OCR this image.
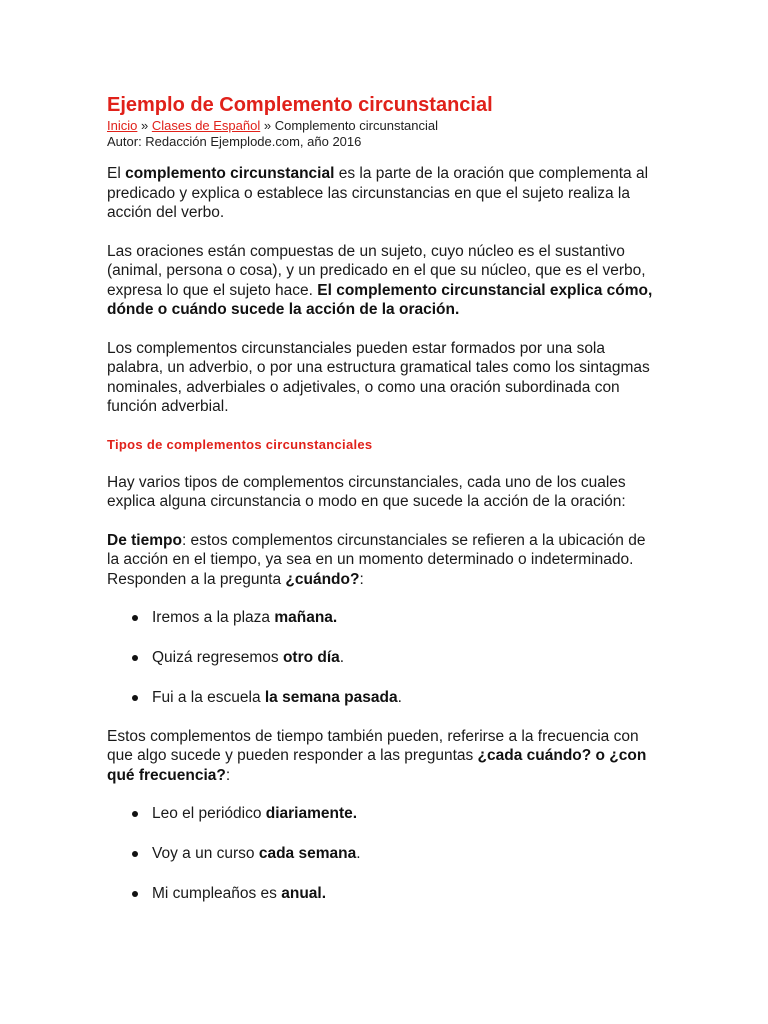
Ejemplo de Complemento circunstancial
Inicio » Clases de Español » Complemento circunstancial
Autor: Redacción Ejemplode.com, año 2016

El complemento circunstancial es la parte de la oración que complementa al predicado y explica o establece las circunstancias en que el sujeto realiza la acción del verbo.

Las oraciones están compuestas de un sujeto, cuyo núcleo es el sustantivo (animal, persona o cosa), y un predicado en el que su núcleo, que es el verbo, expresa lo que el sujeto hace. El complemento circunstancial explica cómo, dónde o cuándo sucede la acción de la oración.

Los complementos circunstanciales pueden estar formados por una sola palabra, un adverbio, o por una estructura gramatical tales como los sintagmas nominales, adverbiales o adjetivales, o como una oración subordinada con función adverbial.

Tipos de complementos circunstanciales

Hay varios tipos de complementos circunstanciales, cada uno de los cuales explica alguna circunstancia o modo en que sucede la acción de la oración:

De tiempo: estos complementos circunstanciales se refieren a la ubicación de la acción en el tiempo, ya sea en un momento determinado o indeterminado. Responden a la pregunta ¿cuándo?:

Iremos a la plaza mañana.
Quizá regresemos otro día.
Fui a la escuela la semana pasada.

Estos complementos de tiempo también pueden, referirse a la frecuencia con que algo sucede y pueden responder a las preguntas ¿cada cuándo? o ¿con qué frecuencia?:

Leo el periódico diariamente.
Voy a un curso cada semana.
Mi cumpleaños es anual.
